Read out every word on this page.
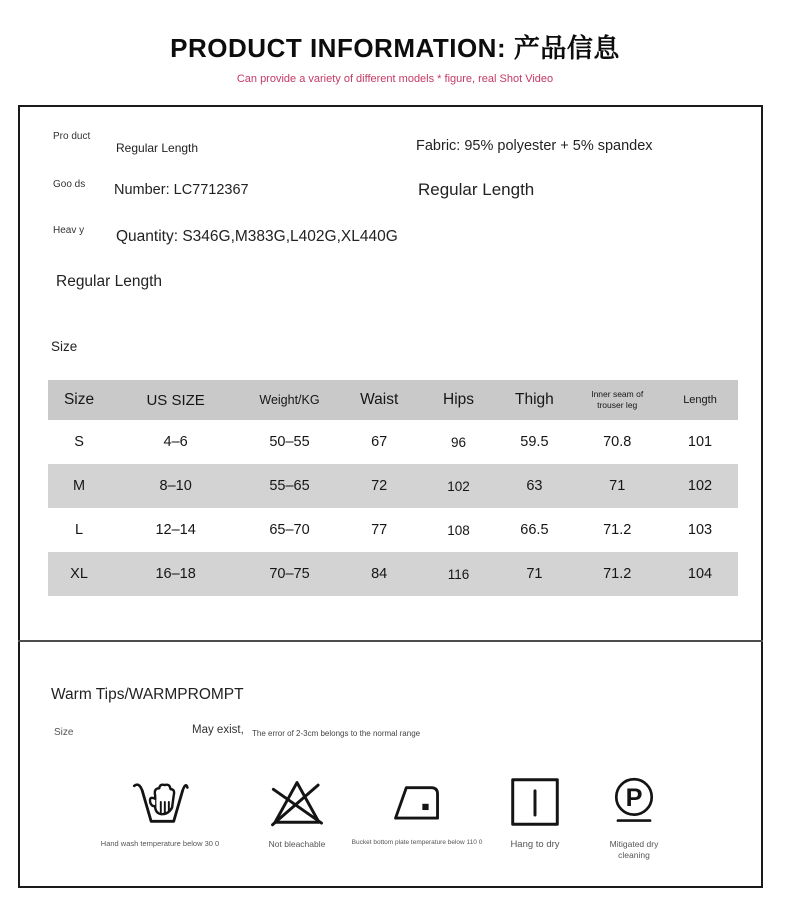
PRODUCT INFORMATION: 产品信息
Can provide a variety of different models * figure, real Shot Video
Pro duct
Regular Length	Fabric: 95% polyester + 5% spandex
Goo ds	Number: LC7712367	Regular Length
Heav y	Quantity: S346G,M383G,L402G,XL440G
Regular Length
Size
Size	US SIZE	Weight/KG	Waist	Hips	Thigh	Inner seam of trouser leg	Length
S	4–6	50–55	67	96	59.5	70.8	101
M	8–10	55–65	72	102	63	71	102
L	12–14	65–70	77	108	66.5	71.2	103
XL	16–18	70–75	84	116	71	71.2	104
Warm Tips/WARMPROMPT
Size	May exist, The error of 2-3cm belongs to the normal range
Hand wash temperature below 30 0	Not bleachable	Bucket bottom plate temperature below 110 0	Hang to dry
P
Mitigated dry cleaning
